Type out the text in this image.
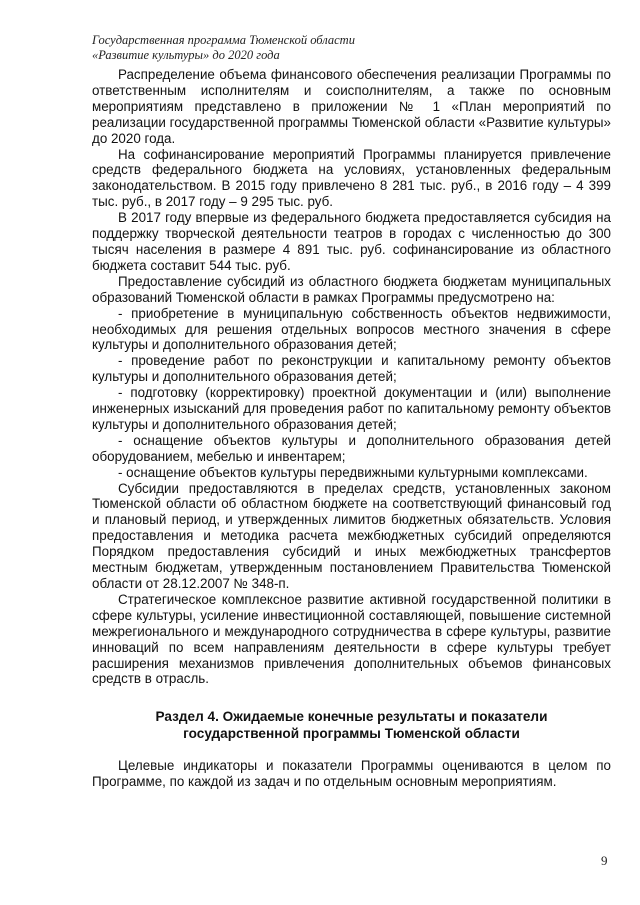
Государственная программа Тюменской области
«Развитие культуры» до 2020 года

Распределение объема финансового обеспечения реализации Программы по ответственным исполнителям и соисполнителям, а также по основным мероприятиям представлено в приложении № 1 «План мероприятий по реализации государственной программы Тюменской области «Развитие культуры» до 2020 года.

На софинансирование мероприятий Программы планируется привлечение средств федерального бюджета на условиях, установленных федеральным законодательством. В 2015 году привлечено 8 281 тыс. руб., в 2016 году – 4 399 тыс. руб., в 2017 году – 9 295 тыс. руб.

В 2017 году впервые из федерального бюджета предоставляется субсидия на поддержку творческой деятельности театров в городах с численностью до 300 тысяч населения в размере 4 891 тыс. руб. софинансирование из областного бюджета составит 544 тыс. руб.

Предоставление субсидий из областного бюджета бюджетам муниципальных образований Тюменской области в рамках Программы предусмотрено на:

- приобретение в муниципальную собственность объектов недвижимости, необходимых для решения отдельных вопросов местного значения в сфере культуры и дополнительного образования детей;

- проведение работ по реконструкции и капитальному ремонту объектов культуры и дополнительного образования детей;

- подготовку (корректировку) проектной документации и (или) выполнение инженерных изысканий для проведения работ по капитальному ремонту объектов культуры и дополнительного образования детей;

- оснащение объектов культуры и дополнительного образования детей оборудованием, мебелью и инвентарем;

- оснащение объектов культуры передвижными культурными комплексами.

Субсидии предоставляются в пределах средств, установленных законом Тюменской области об областном бюджете на соответствующий финансовый год и плановый период, и утвержденных лимитов бюджетных обязательств. Условия предоставления и методика расчета межбюджетных субсидий определяются Порядком предоставления субсидий и иных межбюджетных трансфертов местным бюджетам, утвержденным постановлением Правительства Тюменской области от 28.12.2007 № 348-п.

Стратегическое комплексное развитие активной государственной политики в сфере культуры, усиление инвестиционной составляющей, повышение системной межрегионального и международного сотрудничества в сфере культуры, развитие инноваций по всем направлениям деятельности в сфере культуры требует расширения механизмов привлечения дополнительных объемов финансовых средств в отрасль.

Раздел 4. Ожидаемые конечные результаты и показатели
государственной программы Тюменской области

Целевые индикаторы и показатели Программы оцениваются в целом по Программе, по каждой из задач и по отдельным основным мероприятиям.

9
